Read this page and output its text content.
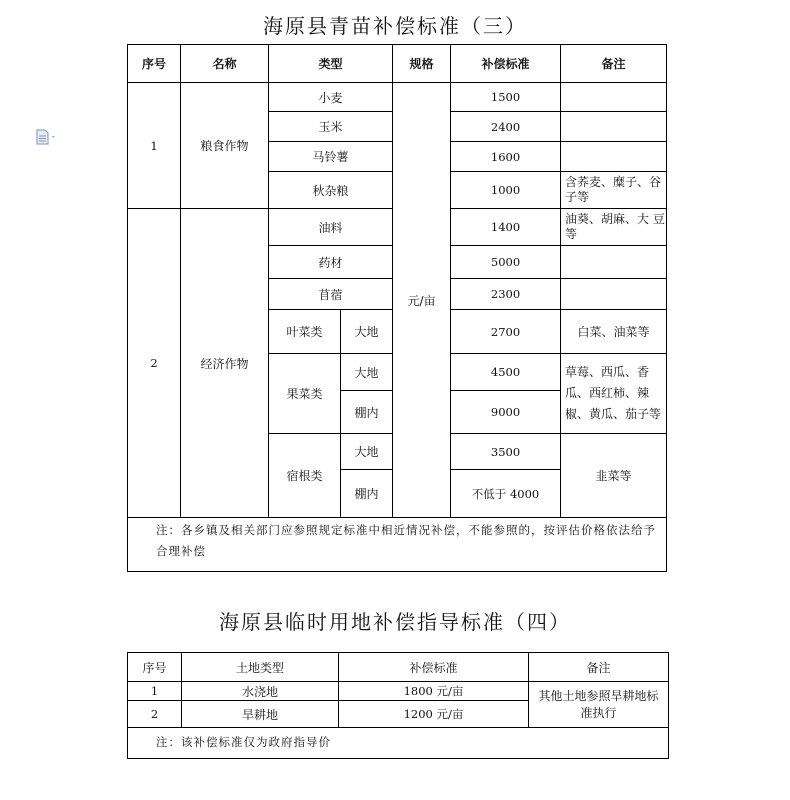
海原县青苗补偿标准（三）
序号	名称	类型		规格	补偿标准	备注
1	粮食作物	小麦		元/亩	1500	
		玉米			2400	
		马铃薯			1600	
		秋杂粮			1000	含荞麦、糜子、谷子等
2	经济作物	油料			1400	油葵、胡麻、大 豆等
		药材			5000	
		苜蓿			2300	
		叶菜类	大地		2700	白菜、油菜等
		果菜类	大地		4500	草莓、西瓜、香瓜、西红柿、辣椒、黄瓜、茄子等
			棚内		9000	
		宿根类	大地		3500	韭菜等
			棚内		不低于 4000	
注：各乡镇及相关部门应参照规定标准中相近情况补偿，不能参照的，按评估价格依法给予合理补偿						
海原县临时用地补偿指导标准（四）
序号	土地类型	补偿标准	备注
1	水浇地	1800 元/亩	其他土地参照旱耕地标准执行
2	旱耕地	1200 元/亩	
注：该补偿标准仅为政府指导价			
